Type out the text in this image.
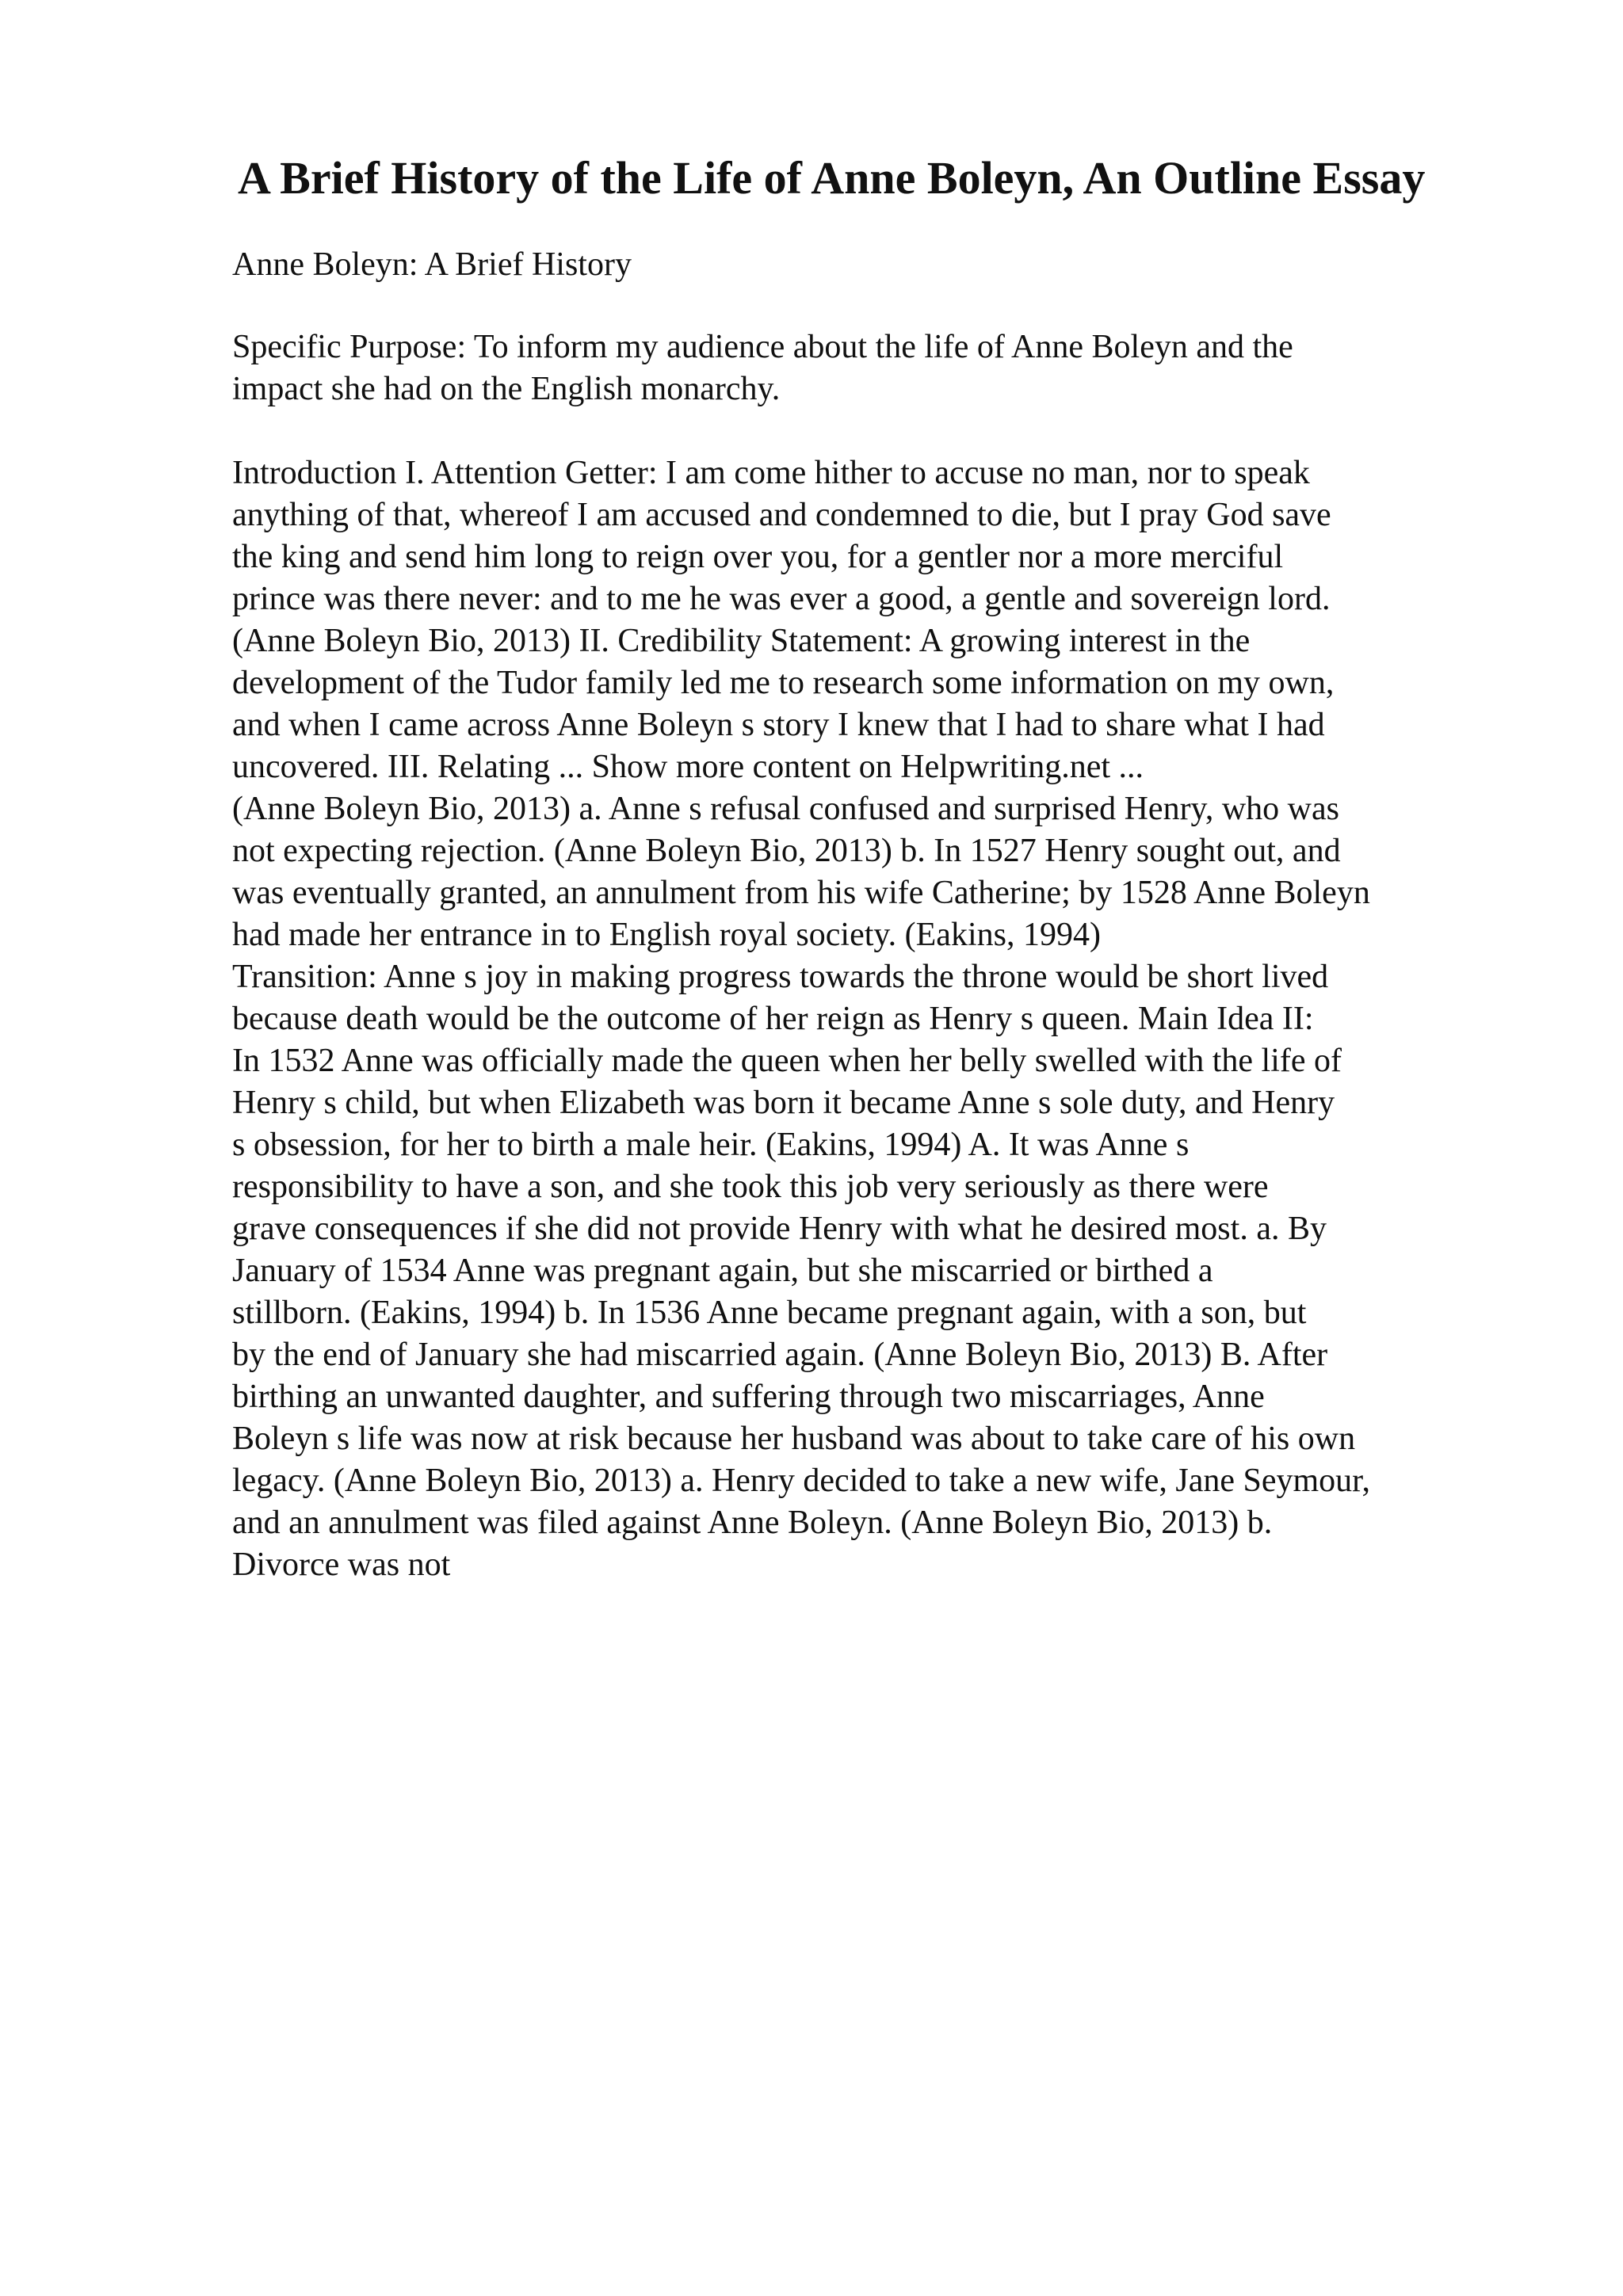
A Brief History of the Life of Anne Boleyn, An Outline Essay

Anne Boleyn: A Brief History

Specific Purpose: To inform my audience about the life of Anne Boleyn and the
impact she had on the English monarchy.

Introduction I. Attention Getter: I am come hither to accuse no man, nor to speak
anything of that, whereof I am accused and condemned to die, but I pray God save
the king and send him long to reign over you, for a gentler nor a more merciful
prince was there never: and to me he was ever a good, a gentle and sovereign lord.
(Anne Boleyn Bio, 2013) II. Credibility Statement: A growing interest in the
development of the Tudor family led me to research some information on my own,
and when I came across Anne Boleyn s story I knew that I had to share what I had
uncovered. III. Relating ... Show more content on Helpwriting.net ...
(Anne Boleyn Bio, 2013) a. Anne s refusal confused and surprised Henry, who was
not expecting rejection. (Anne Boleyn Bio, 2013) b. In 1527 Henry sought out, and
was eventually granted, an annulment from his wife Catherine; by 1528 Anne Boleyn
had made her entrance in to English royal society. (Eakins, 1994)
Transition: Anne s joy in making progress towards the throne would be short lived
because death would be the outcome of her reign as Henry s queen. Main Idea II:
In 1532 Anne was officially made the queen when her belly swelled with the life of
Henry s child, but when Elizabeth was born it became Anne s sole duty, and Henry
s obsession, for her to birth a male heir. (Eakins, 1994) A. It was Anne s
responsibility to have a son, and she took this job very seriously as there were
grave consequences if she did not provide Henry with what he desired most. a. By
January of 1534 Anne was pregnant again, but she miscarried or birthed a
stillborn. (Eakins, 1994) b. In 1536 Anne became pregnant again, with a son, but
by the end of January she had miscarried again. (Anne Boleyn Bio, 2013) B. After
birthing an unwanted daughter, and suffering through two miscarriages, Anne
Boleyn s life was now at risk because her husband was about to take care of his own
legacy. (Anne Boleyn Bio, 2013) a. Henry decided to take a new wife, Jane Seymour,
and an annulment was filed against Anne Boleyn. (Anne Boleyn Bio, 2013) b.
Divorce was not
